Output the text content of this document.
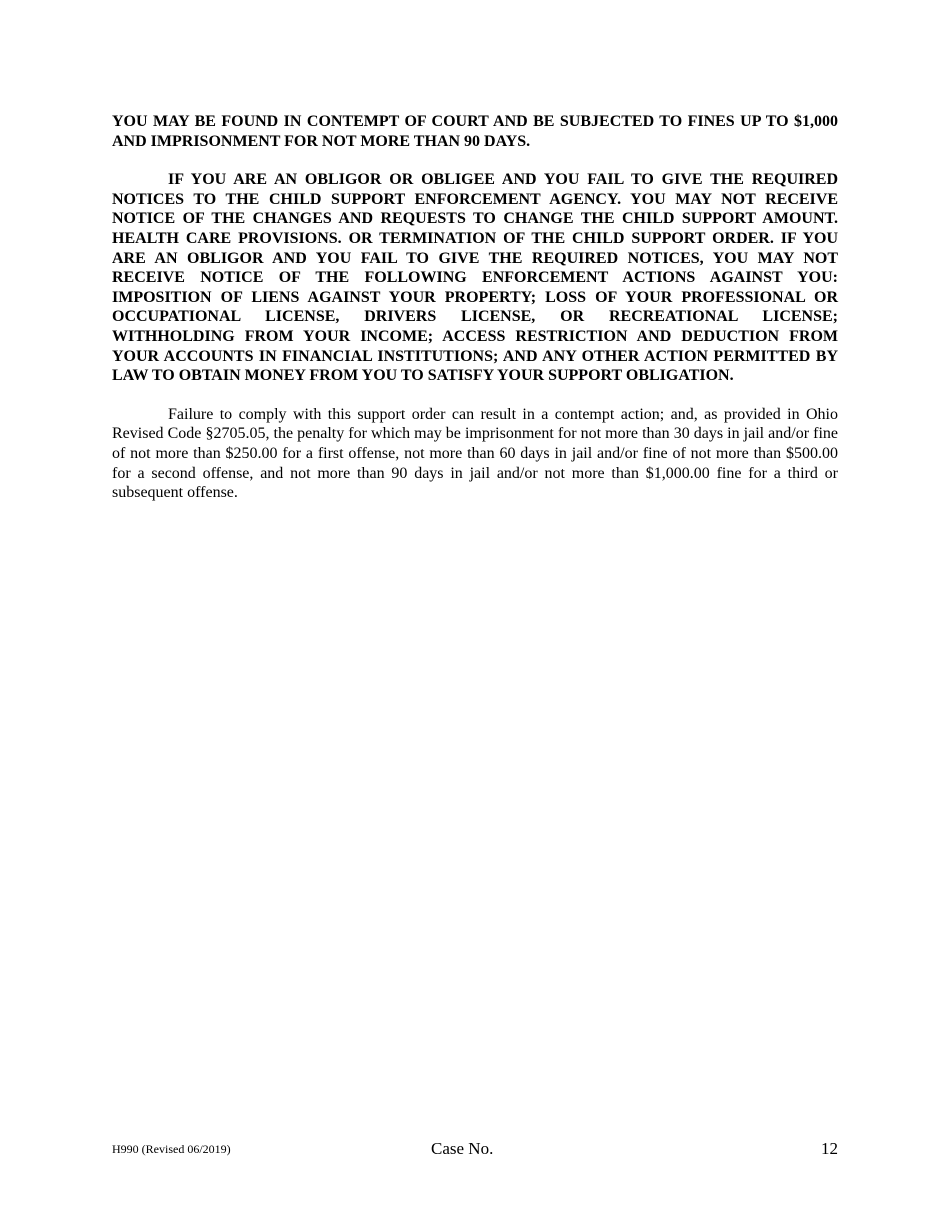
YOU MAY BE FOUND IN CONTEMPT OF COURT AND BE SUBJECTED TO FINES UP TO $1,000 AND IMPRISONMENT FOR NOT MORE THAN 90 DAYS.

IF YOU ARE AN OBLIGOR OR OBLIGEE AND YOU FAIL TO GIVE THE REQUIRED NOTICES TO THE CHILD SUPPORT ENFORCEMENT AGENCY. YOU MAY NOT RECEIVE NOTICE OF THE CHANGES AND REQUESTS TO CHANGE THE CHILD SUPPORT AMOUNT. HEALTH CARE PROVISIONS. OR TERMINATION OF THE CHILD SUPPORT ORDER. IF YOU ARE AN OBLIGOR AND YOU FAIL TO GIVE THE REQUIRED NOTICES, YOU MAY NOT RECEIVE NOTICE OF THE FOLLOWING ENFORCEMENT ACTIONS AGAINST YOU: IMPOSITION OF LIENS AGAINST YOUR PROPERTY; LOSS OF YOUR PROFESSIONAL OR OCCUPATIONAL LICENSE, DRIVERS LICENSE, OR RECREATIONAL LICENSE; WITHHOLDING FROM YOUR INCOME; ACCESS RESTRICTION AND DEDUCTION FROM YOUR ACCOUNTS IN FINANCIAL INSTITUTIONS; AND ANY OTHER ACTION PERMITTED BY LAW TO OBTAIN MONEY FROM YOU TO SATISFY YOUR SUPPORT OBLIGATION.

Failure to comply with this support order can result in a contempt action; and, as provided in Ohio Revised Code §2705.05, the penalty for which may be imprisonment for not more than 30 days in jail and/or fine of not more than $250.00 for a first offense, not more than 60 days in jail and/or fine of not more than $500.00 for a second offense, and not more than 90 days in jail and/or not more than $1,000.00 fine for a third or subsequent offense.

H990 (Revised 06/2019)	Case No.	12
